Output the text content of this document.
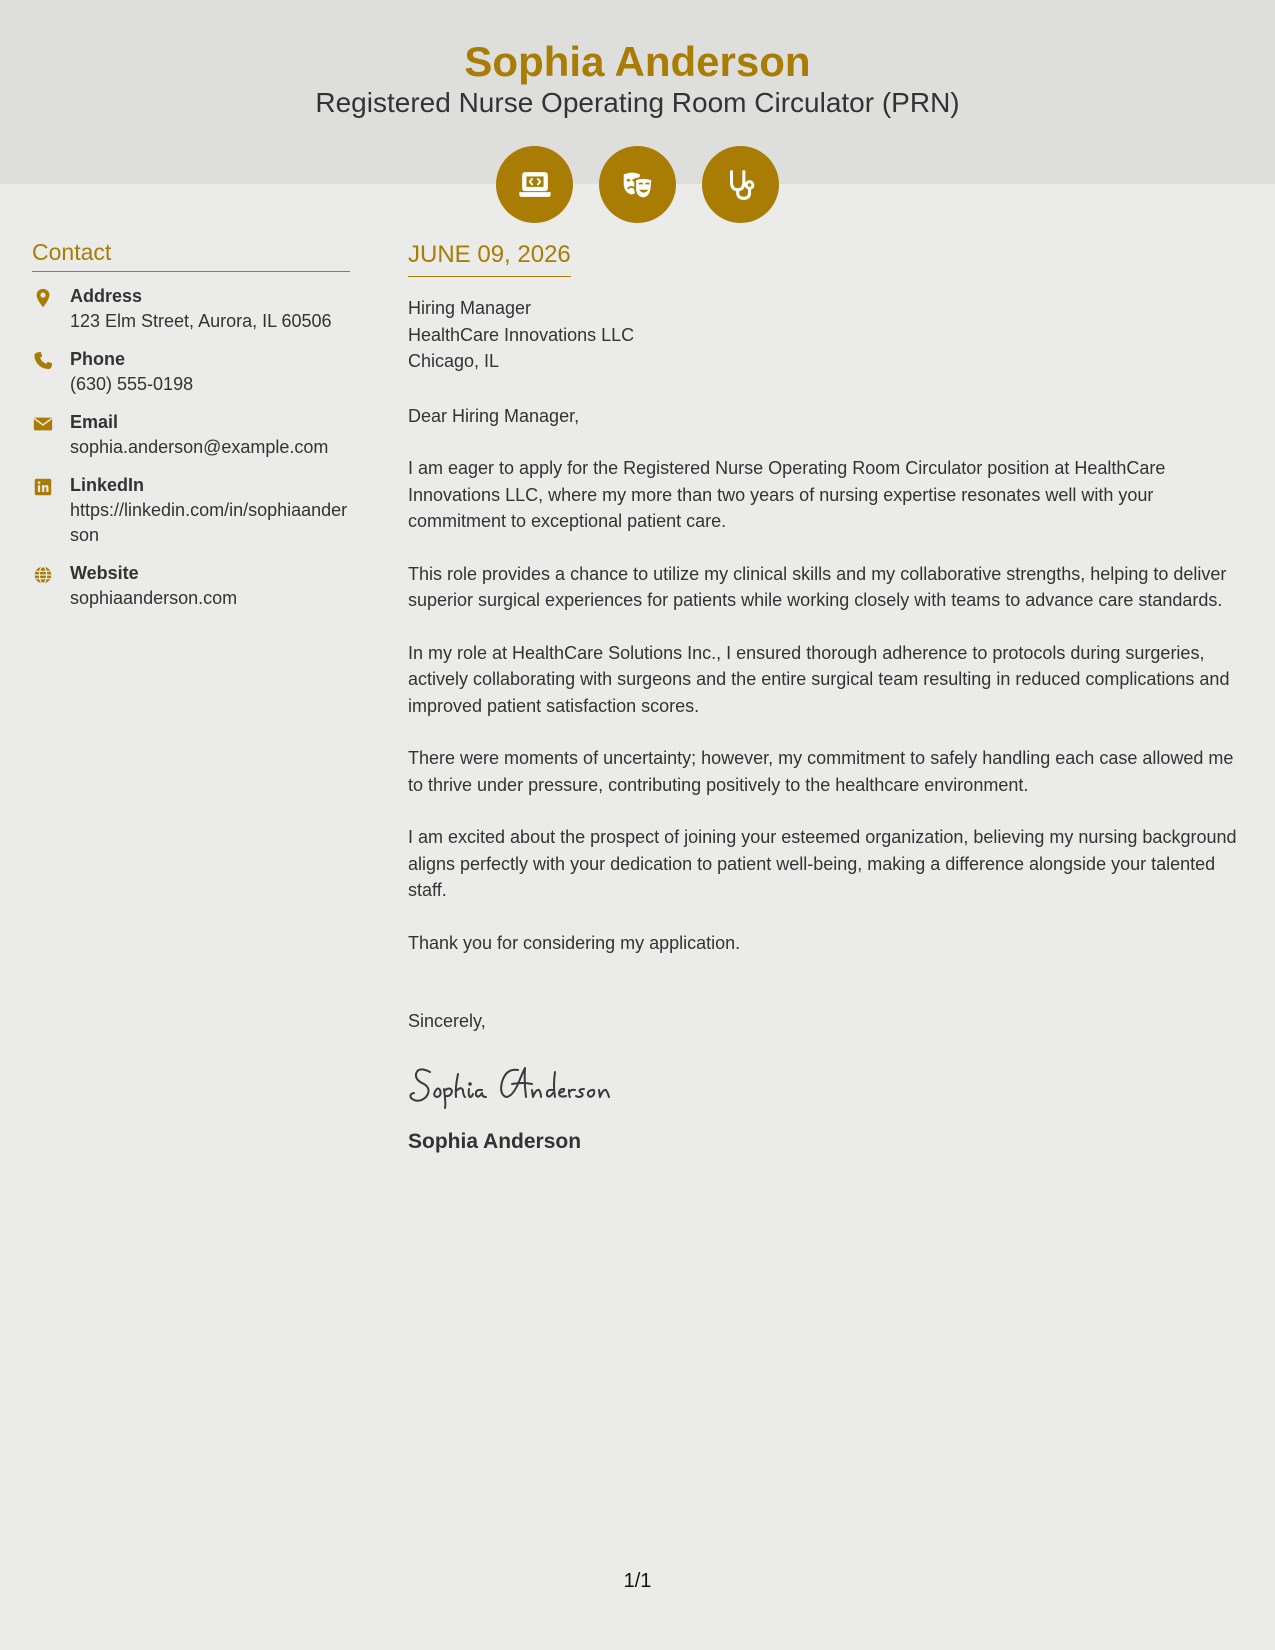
Sophia Anderson
Registered Nurse Operating Room Circulator (PRN)
Contact
Address
123 Elm Street, Aurora, IL 60506
Phone
(630) 555-0198
Email
sophia.anderson@example.com
LinkedIn
https://linkedin.com/in/sophiaanderson
Website
sophiaanderson.com
JUNE 09, 2026
Hiring Manager
HealthCare Innovations LLC
Chicago, IL
Dear Hiring Manager,
I am eager to apply for the Registered Nurse Operating Room Circulator position at HealthCare Innovations LLC, where my more than two years of nursing expertise resonates well with your commitment to exceptional patient care.
This role provides a chance to utilize my clinical skills and my collaborative strengths, helping to deliver superior surgical experiences for patients while working closely with teams to advance care standards.
In my role at HealthCare Solutions Inc., I ensured thorough adherence to protocols during surgeries, actively collaborating with surgeons and the entire surgical team resulting in reduced complications and improved patient satisfaction scores.
There were moments of uncertainty; however, my commitment to safely handling each case allowed me to thrive under pressure, contributing positively to the healthcare environment.
I am excited about the prospect of joining your esteemed organization, believing my nursing background aligns perfectly with your dedication to patient well-being, making a difference alongside your talented staff.
Thank you for considering my application.
Sincerely,
Sophia Anderson
1/1
